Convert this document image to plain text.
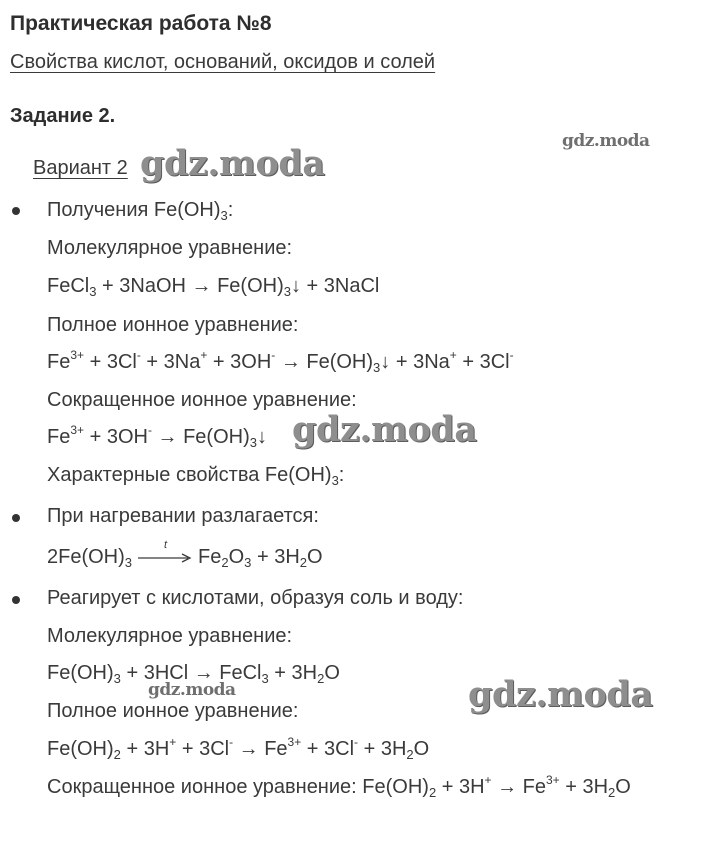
Практическая работа №8
Свойства кислот, оснований, оксидов и солей
Задание 2.
Вариант 2
gdz.moda
gdz.moda
gdz.moda
gdz.moda	gdz.moda
Получения $Fe(OH)_3$:
Молекулярное уравнение:
FeCl$_3$ + 3NaOH → $Fe(OH)_3↓$ + 3NaCl
Полное ионное уравнение:
$Fe^{3+} + 3Cl^- + 3Na^+ + 3OH^-$ → $Fe(OH)_3↓ + 3Na^+ + 3Cl^-$
Сокращенное ионное уравнение:
$Fe^{3+} + 3OH^-$ → $Fe(OH)_3↓$
Характерные свойства $Fe(OH)_3$:
При нагревании разлагается:
$2Fe(OH)_3$
t
$Fe_2O_3 + 3H_2O$
Реагирует с кислотами, образуя соль и воду:
Молекулярное уравнение:
$Fe(OH)_3 + 3HCl$ → FeCl$_3$ + $3H_2O$
Полное ионное уравнение:
$Fe(OH)_2 + 3H^+ + 3Cl^- \to Fe^{3+} + 3Cl^- + 3H_2O$
Сокращенное ионное уравнение: $Fe(OH)_2 + 3H^+ \to Fe^{3+} + 3H_2O$
